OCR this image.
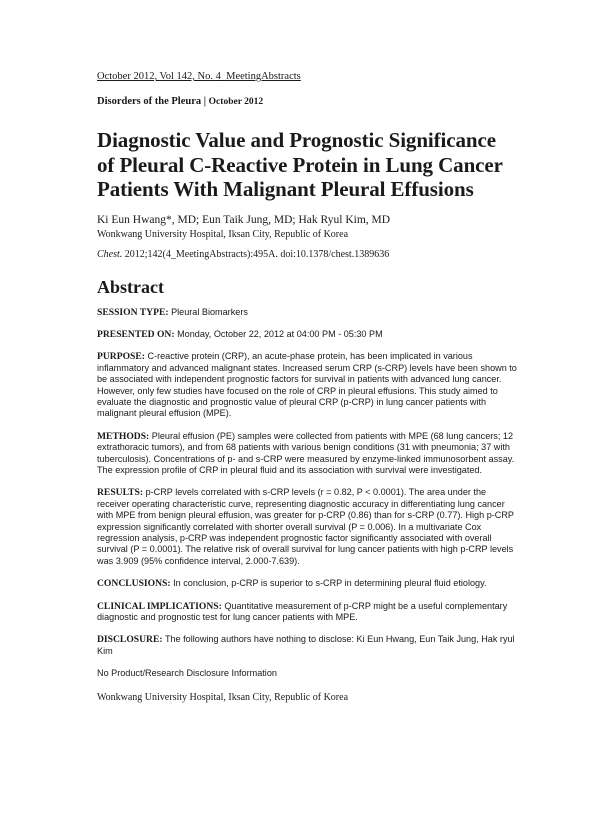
October 2012, Vol 142, No. 4_MeetingAbstracts

Disorders of the Pleura | October 2012

Diagnostic Value and Prognostic Significance of Pleural C-Reactive Protein in Lung Cancer Patients With Malignant Pleural Effusions

Ki Eun Hwang*, MD; Eun Taik Jung, MD; Hak Ryul Kim, MD

Wonkwang University Hospital, Iksan City, Republic of Korea

Chest. 2012;142(4_MeetingAbstracts):495A. doi:10.1378/chest.1389636

Abstract

SESSION TYPE: Pleural Biomarkers

PRESENTED ON: Monday, October 22, 2012 at 04:00 PM - 05:30 PM

PURPOSE: C-reactive protein (CRP), an acute-phase protein, has been implicated in various inflammatory and advanced malignant states. Increased serum CRP (s-CRP) levels have been shown to be associated with independent prognostic factors for survival in patients with advanced lung cancer. However, only few studies have focused on the role of CRP in pleural effusions. This study aimed to evaluate the diagnostic and prognostic value of pleural CRP (p-CRP) in lung cancer patients with malignant pleural effusion (MPE).

METHODS: Pleural effusion (PE) samples were collected from patients with MPE (68 lung cancers; 12 extrathoracic tumors), and from 68 patients with various benign conditions (31 with pneumonia; 37 with tuberculosis). Concentrations of p- and s-CRP were measured by enzyme-linked immunosorbent assay. The expression profile of CRP in pleural fluid and its association with survival were investigated.

RESULTS: p-CRP levels correlated with s-CRP levels (r = 0.82, P < 0.0001). The area under the receiver operating characteristic curve, representing diagnostic accuracy in differentiating lung cancer with MPE from benign pleural effusion, was greater for p-CRP (0.86) than for s-CRP (0.77). High p-CRP expression significantly correlated with shorter overall survival (P = 0.006). In a multivariate Cox regression analysis, p-CRP was independent prognostic factor significantly associated with overall survival (P = 0.0001). The relative risk of overall survival for lung cancer patients with high p-CRP levels was 3.909 (95% confidence interval, 2.000-7.639).

CONCLUSIONS: In conclusion, p-CRP is superior to s-CRP in determining pleural fluid etiology.

CLINICAL IMPLICATIONS: Quantitative measurement of p-CRP might be a useful complementary diagnostic and prognostic test for lung cancer patients with MPE.

DISCLOSURE: The following authors have nothing to disclose: Ki Eun Hwang, Eun Taik Jung, Hak ryul Kim

No Product/Research Disclosure Information

Wonkwang University Hospital, Iksan City, Republic of Korea
